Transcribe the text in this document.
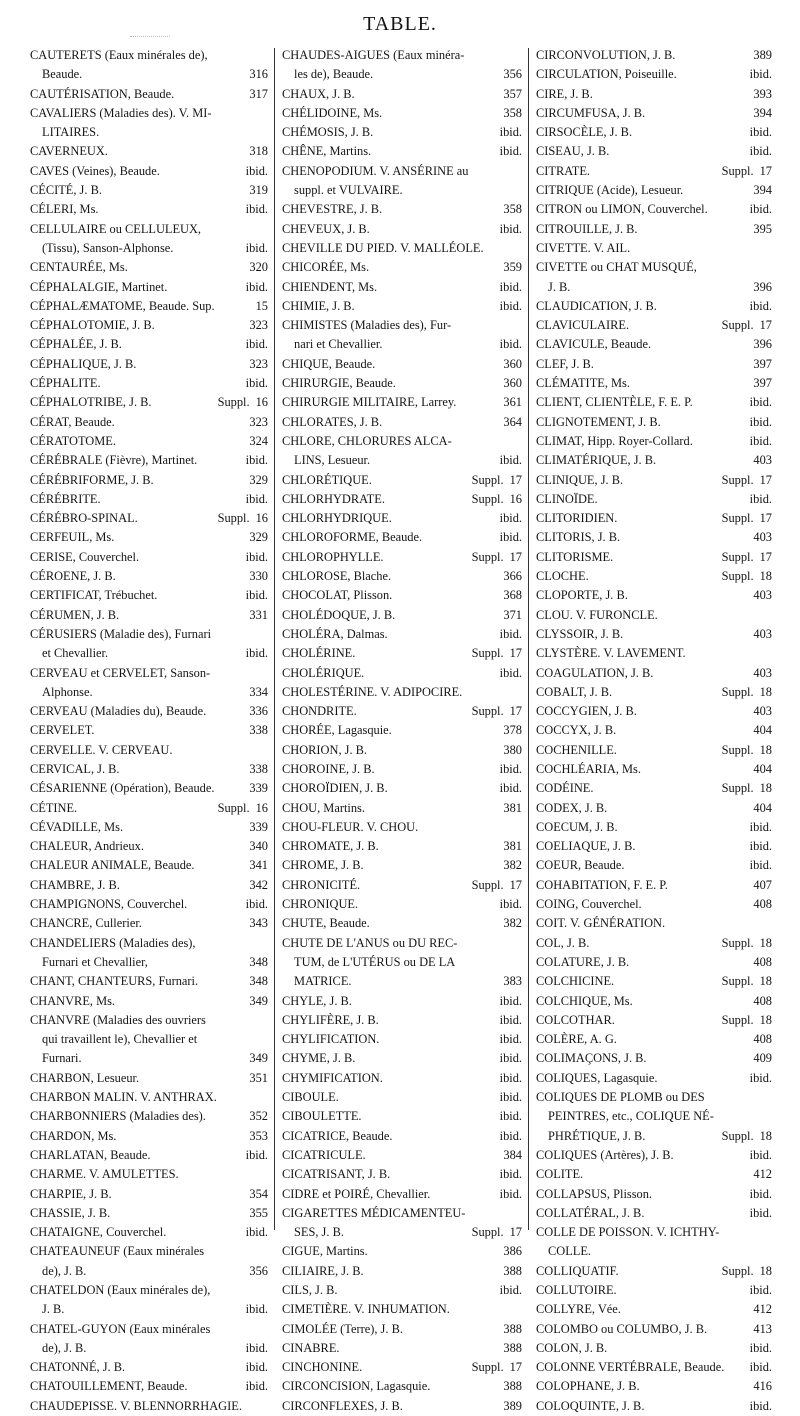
TABLE.
CAUTERETS (Eaux minérales de),
Beaude.	316
CAUTÉRISATION, Beaude.	317
CAVALIERS (Maladies des). V. MI-
LITAIRES.
CAVERNEUX.	318
CAVES (Veines), Beaude.	ibid.
CÉCITÉ, J. B.	319
CÉLERI, Ms.	ibid.
CELLULAIRE ou CELLULEUX,
(Tissu), Sanson-Alphonse.	ibid.
CENTAURÉE, Ms.	320
CÉPHALALGIE, Martinet.	ibid.
CÉPHALÆMATOME, Beaude. Sup.	15
CÉPHALOTOMIE, J. B.	323
CÉPHALÉE, J. B.	ibid.
CÉPHALIQUE, J. B.	323
CÉPHALITE.	ibid.
CÉPHALOTRIBE, J. B.	Suppl. 16
CÉRAT, Beaude.	323
CÉRATOTOME.	324
CÉRÉBRALE (Fièvre), Martinet.	ibid.
CÉRÉBRIFORME, J. B.	329
CÉRÉBRITE.	ibid.
CÉRÉBRO-SPINAL.	Suppl. 16
CERFEUIL, Ms.	329
CERISE, Couverchel.	ibid.
CÉROENE, J. B.	330
CERTIFICAT, Trébuchet.	ibid.
CÉRUMEN, J. B.	331
CÉRUSIERS (Maladie des), Furnari
et Chevallier.	ibid.
CERVEAU et CERVELET, Sanson-
Alphonse.	334
CERVEAU (Maladies du), Beaude.	336
CERVELET.	338
CERVELLE. V. CERVEAU.
CERVICAL, J. B.	338
CÉSARIENNE (Opération), Beaude.	339
CÉTINE.	Suppl. 16
CÉVADILLE, Ms.	339
CHALEUR, Andrieux.	340
CHALEUR ANIMALE, Beaude.	341
CHAMBRE, J. B.	342
CHAMPIGNONS, Couverchel.	ibid.
CHANCRE, Cullerier.	343
CHANDELIERS (Maladies des),
Furnari et Chevallier,	348
CHANT, CHANTEURS, Furnari.	348
CHANVRE, Ms.	349
CHANVRE (Maladies des ouvriers
qui travaillent le), Chevallier et
Furnari.	349
CHARBON, Lesueur.	351
CHARBON MALIN. V. ANTHRAX.
CHARBONNIERS (Maladies des).	352
CHARDON, Ms.	353
CHARLATAN, Beaude.	ibid.
CHARME. V. AMULETTES.
CHARPIE, J. B.	354
CHASSIE, J. B.	355
CHATAIGNE, Couverchel.	ibid.
CHATEAUNEUF (Eaux minérales
de), J. B.	356
CHATELDON (Eaux minérales de),
J. B.	ibid.
CHATEL-GUYON (Eaux minérales
de), J. B.	ibid.
CHATONNÉ, J. B.	ibid.
CHATOUILLEMENT, Beaude.	ibid.
CHAUDEPISSE. V. BLENNORRHAGIE.
CHAUDES-AIGUES (Eaux minéra-
les de), Beaude.	356
CHAUX, J. B.	357
CHÉLIDOINE, Ms.	358
CHÉMOSIS, J. B.	ibid.
CHÊNE, Martins.	ibid.
CHENOPODIUM. V. ANSÉRINE au
suppl. et VULVAIRE.
CHEVESTRE, J. B.	358
CHEVEUX, J. B.	ibid.
CHEVILLE DU PIED. V. MALLÉOLE.
CHICORÉE, Ms.	359
CHIENDENT, Ms.	ibid.
CHIMIE, J. B.	ibid.
CHIMISTES (Maladies des), Fur-
nari et Chevallier.	ibid.
CHIQUE, Beaude.	360
CHIRURGIE, Beaude.	360
CHIRURGIE MILITAIRE, Larrey.	361
CHLORATES, J. B.	364
CHLORE, CHLORURES ALCA-
LINS, Lesueur.	ibid.
CHLORÉTIQUE.	Suppl. 17
CHLORHYDRATE.	Suppl. 16
CHLORHYDRIQUE.	ibid.
CHLOROFORME, Beaude.	ibid.
CHLOROPHYLLE.	Suppl. 17
CHLOROSE, Blache.	366
CHOCOLAT, Plisson.	368
CHOLÉDOQUE, J. B.	371
CHOLÉRA, Dalmas.	ibid.
CHOLÉRINE.	Suppl. 17
CHOLÉRIQUE.	ibid.
CHOLESTÉRINE. V. ADIPOCIRE.
CHONDRITE.	Suppl. 17
CHORÉE, Lagasquie.	378
CHORION, J. B.	380
CHOROINE, J. B.	ibid.
CHOROÏDIEN, J. B.	ibid.
CHOU, Martins.	381
CHOU-FLEUR. V. CHOU.
CHROMATE, J. B.	381
CHROME, J. B.	382
CHRONICITÉ.	Suppl. 17
CHRONIQUE.	ibid.
CHUTE, Beaude.	382
CHUTE DE L'ANUS ou DU REC-
TUM, de L'UTÉRUS ou DE LA
MATRICE.	383
CHYLE, J. B.	ibid.
CHYLIFÈRE, J. B.	ibid.
CHYLIFICATION.	ibid.
CHYME, J. B.	ibid.
CHYMIFICATION.	ibid.
CIBOULE.	ibid.
CIBOULETTE.	ibid.
CICATRICE, Beaude.	ibid.
CICATRICULE.	384
CICATRISANT, J. B.	ibid.
CIDRE et POIRÉ, Chevallier.	ibid.
CIGARETTES MÉDICAMENTEU-
SES, J. B.	Suppl. 17
CIGUE, Martins.	386
CILIAIRE, J. B.	388
CILS, J. B.	ibid.
CIMETIÈRE. V. INHUMATION.
CIMOLÉE (Terre), J. B.	388
CINABRE.	388
CINCHONINE.	Suppl. 17
CIRCONCISION, Lagasquie.	388
CIRCONFLEXES, J. B.	389
CIRCONVOLUTION, J. B.	389
CIRCULATION, Poiseuille.	ibid.
CIRE, J. B.	393
CIRCUMFUSA, J. B.	394
CIRSOCÈLE, J. B.	ibid.
CISEAU, J. B.	ibid.
CITRATE.	Suppl. 17
CITRIQUE (Acide), Lesueur.	394
CITRON ou LIMON, Couverchel.	ibid.
CITROUILLE, J. B.	395
CIVETTE. V. AIL.
CIVETTE ou CHAT MUSQUÉ,
J. B.	396
CLAUDICATION, J. B.	ibid.
CLAVICULAIRE.	Suppl. 17
CLAVICULE, Beaude.	396
CLEF, J. B.	397
CLÉMATITE, Ms.	397
CLIENT, CLIENTÈLE, F. E. P.	ibid.
CLIGNOTEMENT, J. B.	ibid.
CLIMAT, Hipp. Royer-Collard.	ibid.
CLIMATÉRIQUE, J. B.	403
CLINIQUE, J. B.	Suppl. 17
CLINOÏDE.	ibid.
CLITORIDIEN.	Suppl. 17
CLITORIS, J. B.	403
CLITORISME.	Suppl. 17
CLOCHE.	Suppl. 18
CLOPORTE, J. B.	403
CLOU. V. FURONCLE.
CLYSSOIR, J. B.	403
CLYSTÈRE. V. LAVEMENT.
COAGULATION, J. B.	403
COBALT, J. B.	Suppl. 18
COCCYGIEN, J. B.	403
COCCYX, J. B.	404
COCHENILLE.	Suppl. 18
COCHLÉARIA, Ms.	404
CODÉINE.	Suppl. 18
CODEX, J. B.	404
COECUM, J. B.	ibid.
COELIAQUE, J. B.	ibid.
COEUR, Beaude.	ibid.
COHABITATION, F. E. P.	407
COING, Couverchel.	408
COIT. V. GÉNÉRATION.
COL, J. B.	Suppl. 18
COLATURE, J. B.	408
COLCHICINE.	Suppl. 18
COLCHIQUE, Ms.	408
COLCOTHAR.	Suppl. 18
COLÈRE, A. G.	408
COLIMAÇONS, J. B.	409
COLIQUES, Lagasquie.	ibid.
COLIQUES DE PLOMB ou DES
PEINTRES, etc., COLIQUE NÉ-
PHRÉTIQUE, J. B.	Suppl. 18
COLIQUES (Artères), J. B.	ibid.
COLITE.	412
COLLAPSUS, Plisson.	ibid.
COLLATÉRAL, J. B.	ibid.
COLLE DE POISSON. V. ICHTHY-
COLLE.
COLLIQUATIF.	Suppl. 18
COLLUTOIRE.	ibid.
COLLYRE, Vée.	412
COLOMBO ou COLUMBO, J. B.	413
COLON, J. B.	ibid.
COLONNE VERTÉBRALE, Beaude.	ibid.
COLOPHANE, J. B.	416
COLOQUINTE, J. B.	ibid.
